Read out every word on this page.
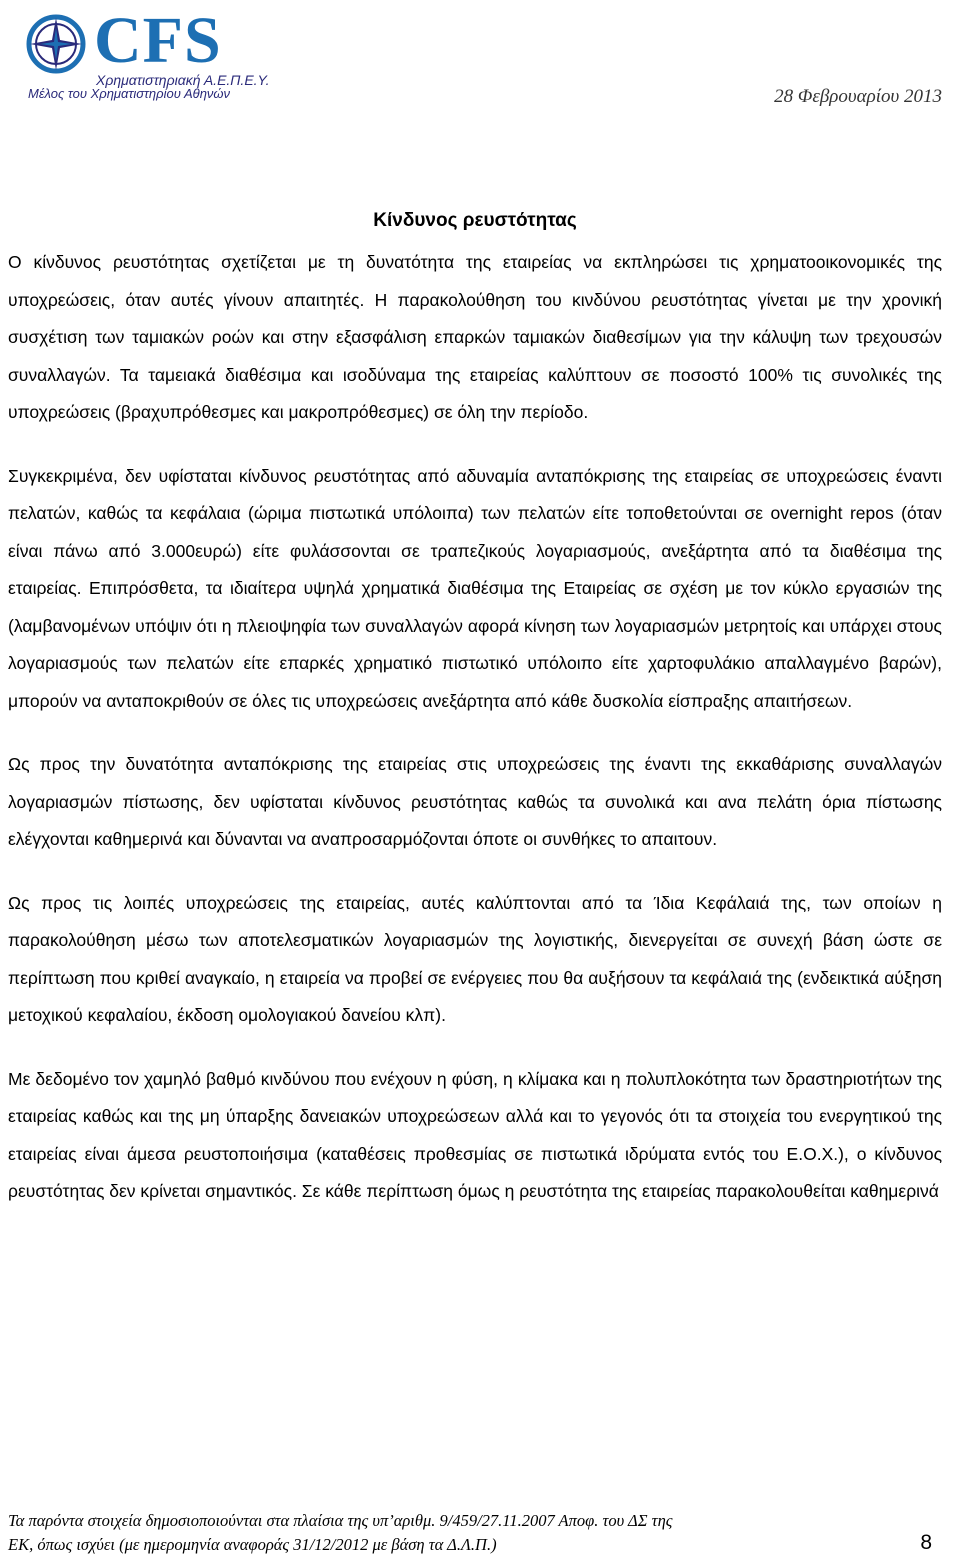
CFS
Χρηματιστηριακή Α.Ε.Π.Ε.Υ.
Μέλος του Χρηματιστηρίου Αθηνών	28 Φεβρουαρίου 2013
Κίνδυνος ρευστότητας

Ο κίνδυνος ρευστότητας σχετίζεται με τη δυνατότητα της εταιρείας να εκπληρώσει τις χρηματοοικονομικές της υποχρεώσεις, όταν αυτές γίνουν απαιτητές. Η παρακολούθηση του κινδύνου ρευστότητας γίνεται με την χρονική συσχέτιση των ταμιακών ροών και στην εξασφάλιση επαρκών ταμιακών διαθεσίμων για την κάλυψη των τρεχουσών συναλλαγών. Τα ταμειακά διαθέσιμα και ισοδύναμα της εταιρείας καλύπτουν σε ποσοστό 100% τις συνολικές της υποχρεώσεις (βραχυπρόθεσμες και μακροπρόθεσμες) σε όλη την περίοδο.

Συγκεκριμένα, δεν υφίσταται κίνδυνος ρευστότητας από αδυναμία ανταπόκρισης της εταιρείας σε υποχρεώσεις έναντι πελατών, καθώς τα κεφάλαια (ώριμα πιστωτικά υπόλοιπα) των πελατών είτε τοποθετούνται σε overnight repos (όταν είναι πάνω από 3.000ευρώ) είτε φυλάσσονται σε τραπεζικούς λογαριασμούς, ανεξάρτητα από τα διαθέσιμα της εταιρείας. Επιπρόσθετα, τα ιδιαίτερα υψηλά χρηματικά διαθέσιμα της Εταιρείας σε σχέση με τον κύκλο εργασιών της (λαμβανομένων υπόψιν ότι η πλειοψηφία των συναλλαγών αφορά κίνηση των λογαριασμών μετρητοίς και υπάρχει στους λογαριασμούς των πελατών είτε επαρκές χρηματικό πιστωτικό υπόλοιπο είτε χαρτοφυλάκιο απαλλαγμένο βαρών), μπορούν να ανταποκριθούν σε όλες τις υποχρεώσεις ανεξάρτητα από κάθε δυσκολία είσπραξης απαιτήσεων.

Ως προς την δυνατότητα ανταπόκρισης της εταιρείας στις υποχρεώσεις της έναντι της εκκαθάρισης συναλλαγών λογαριασμών πίστωσης, δεν υφίσταται κίνδυνος ρευστότητας καθώς τα συνολικά και ανα πελάτη όρια πίστωσης ελέγχονται καθημερινά και δύνανται να αναπροσαρμόζονται όποτε οι συνθήκες το απαιτουν.

Ως προς τις λοιπές υποχρεώσεις της εταιρείας, αυτές καλύπτονται από τα Ίδια Κεφάλαιά της, των οποίων η παρακολούθηση μέσω των αποτελεσματικών λογαριασμών της λογιστικής, διενεργείται σε συνεχή βάση ώστε σε περίπτωση που κριθεί αναγκαίο, η εταιρεία να προβεί σε ενέργειες που θα αυξήσουν τα κεφάλαιά της (ενδεικτικά αύξηση μετοχικού κεφαλαίου, έκδοση ομολογιακού δανείου κλπ).

Με δεδομένο τον χαμηλό βαθμό κινδύνου που ενέχουν η φύση, η κλίμακα και η πολυπλοκότητα των δραστηριοτήτων της εταιρείας καθώς και της μη ύπαρξης δανειακών υποχρεώσεων αλλά και το γεγονός ότι τα στοιχεία του ενεργητικού της εταιρείας είναι άμεσα ρευστοποιήσιμα (καταθέσεις προθεσμίας σε πιστωτικά ιδρύματα εντός του Ε.Ο.Χ.), ο κίνδυνος ρευστότητας δεν κρίνεται σημαντικός. Σε κάθε περίπτωση όμως η ρευστότητα της εταιρείας παρακολουθείται καθημερινά

Τα παρόντα στοιχεία δημοσιοποιούνται στα πλαίσια της υπ’αριθμ. 9/459/27.11.2007 Αποφ. του ΔΣ της
ΕΚ, όπως ισχύει (με ημερομηνία αναφοράς 31/12/2012 με βάση τα Δ.Λ.Π.)	8
